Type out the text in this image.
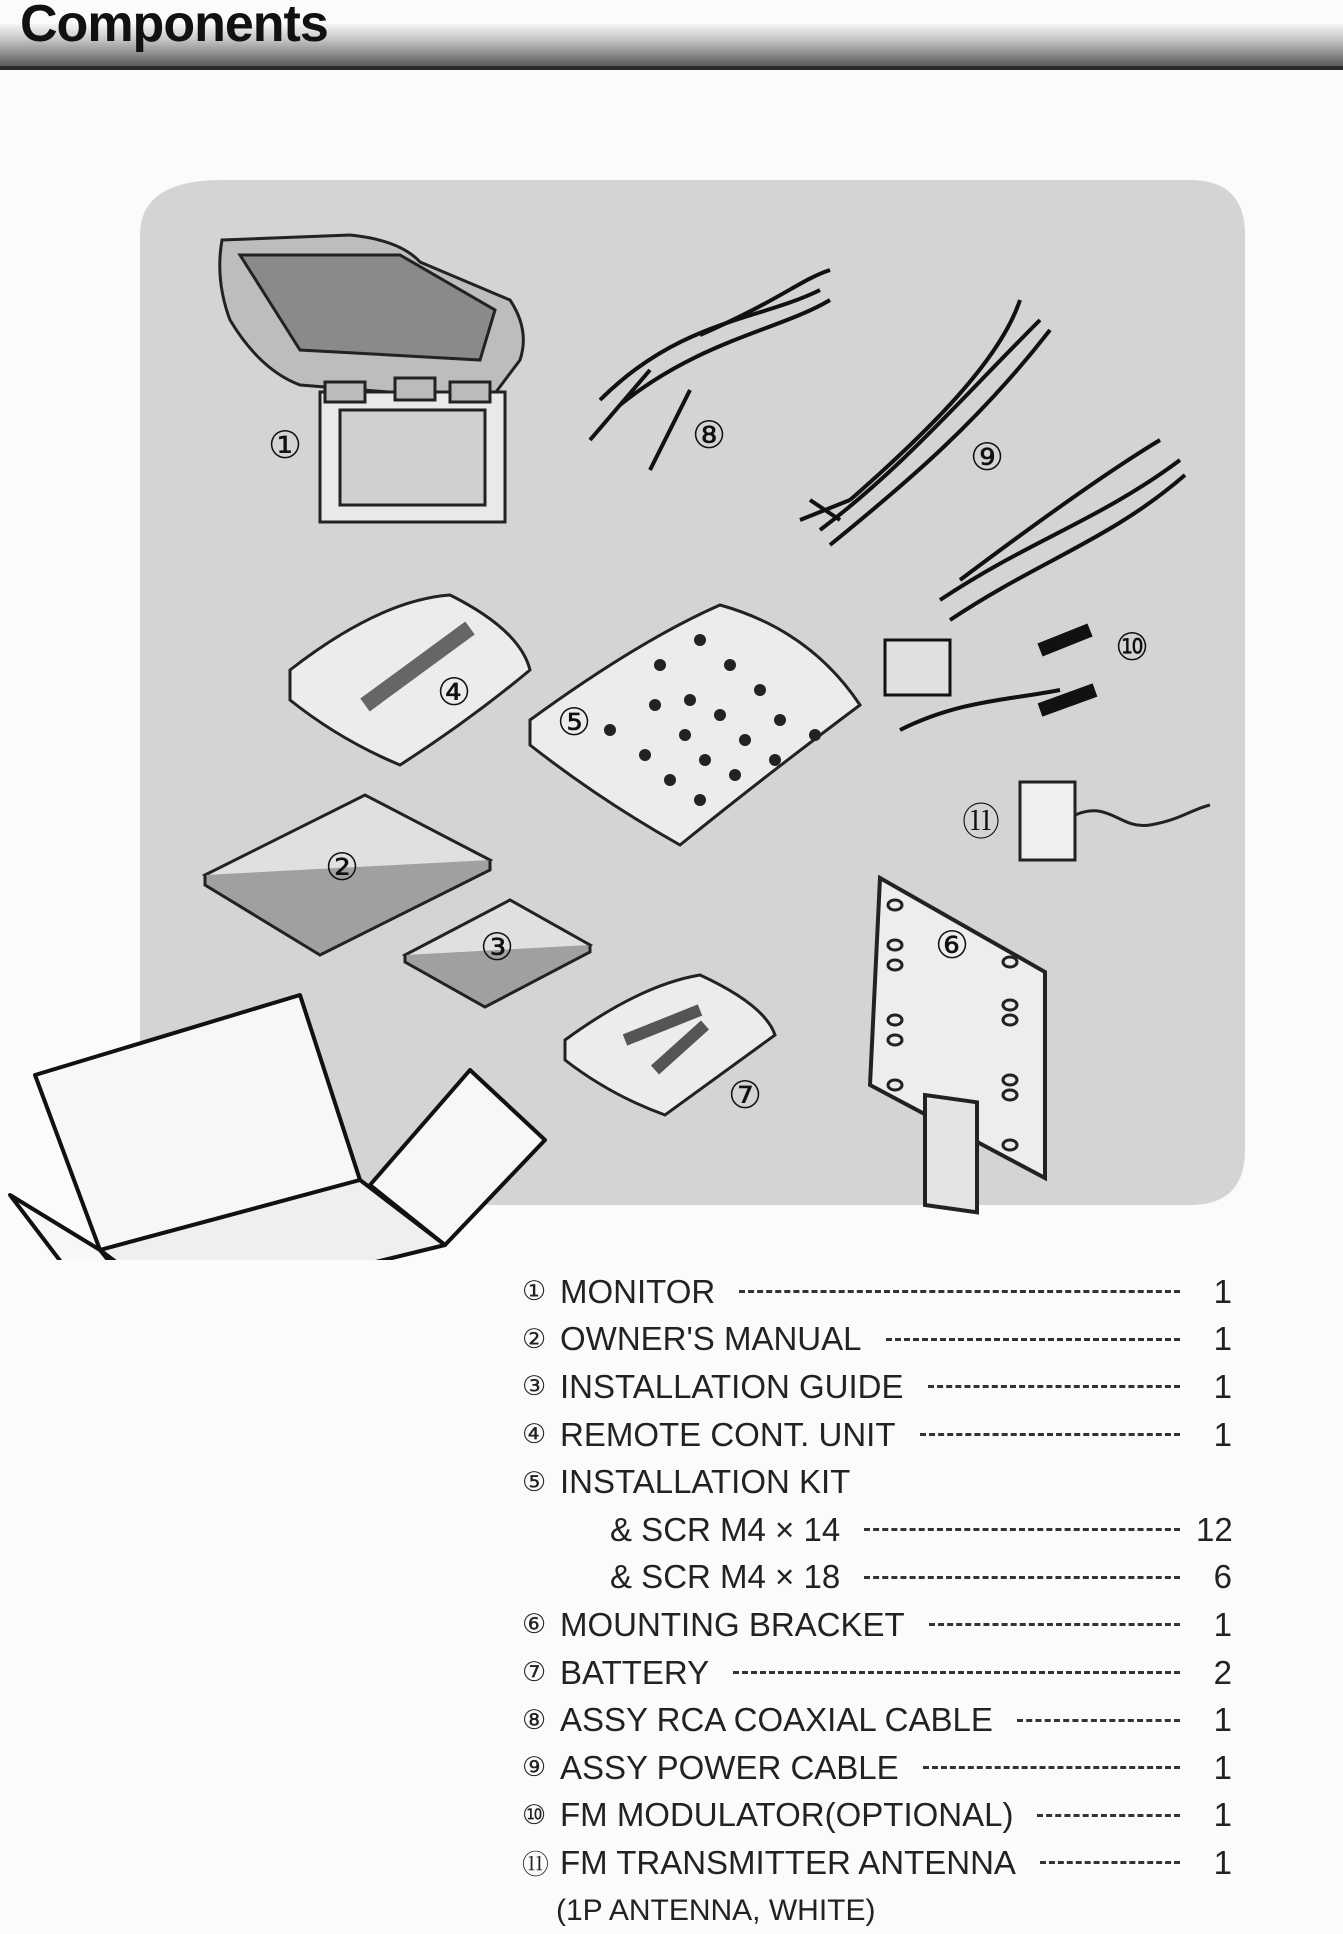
Components
①
②
③
④
⑤
⑥
⑦
⑧	⑨
⑩
⑪
① MONITOR	1
② OWNER'S MANUAL	1
③ INSTALLATION GUIDE	1
④ REMOTE CONT. UNIT	1
⑤ INSTALLATION KIT
& SCR M4 × 14	12
& SCR M4 × 18	6
⑥ MOUNTING BRACKET	1
⑦ BATTERY	2
⑧ ASSY RCA COAXIAL CABLE	1
⑨ ASSY POWER CABLE	1
⑩ FM MODULATOR(OPTIONAL)	1
⑪ FM TRANSMITTER ANTENNA	1
(1P ANTENNA, WHITE)
